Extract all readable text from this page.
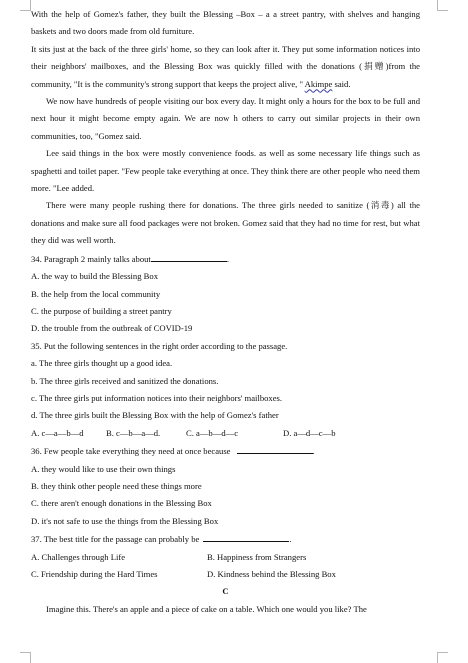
With the help of Gomez's father, they built the Blessing –Box – a a street pantry, with shelves and hanging baskets and two doors made from old furniture.

It sits just at the back of the three girls' home, so they can look after it. They put some information notices into their neighbors' mailboxes, and the Blessing Box was quickly filled with the donations (捐赠)from the community, "It is the community's strong support that keeps the project alive, " Akimpe said.

We now have hundreds of people visiting our box every day. It might only a hours for the box to be full and next hour it might become empty again. We are now h others to carry out similar projects in their own communities, too, "Gomez said.

Lee said things in the box were mostly convenience foods. as well as some necessary life things such as spaghetti and toilet paper. "Few people take everything at once. They think there are other people who need them more. "Lee added.

There were many people rushing there for donations. The three girls needed to sanitize (消毒) all the donations and make sure all food packages were not broken. Gomez said that they had no time for rest, but what they did was well worth.

34. Paragraph 2 mainly talks about	.
A. the way to build the Blessing Box
B. the help from the local community
C. the purpose of building a street pantry
D. the trouble from the outbreak of COVID-19
35. Put the following sentences in the right order according to the passage.
a. The three girls thought up a good idea.
b. The three girls received and sanitized the donations.
c. The three girls put information notices into their neighbors' mailboxes.
d. The three girls built the Blessing Box with the help of Gomez's father
A. c—a—b—d	B. c—b—a—d.	C. a—b—d—c	D. a—d—c—b
36. Few people take everything they need at once because	.
A. they would like to use their own things
B. they think other people need these things more
C. there aren't enough donations in the Blessing Box
D. it's not safe to use the things from the Blessing Box
37. The best title for the passage can probably be	.
A. Challenges through Life	B. Happiness from Strangers
C. Friendship during the Hard Times	D. Kindness behind the Blessing Box
C
Imagine this. There's an apple and a piece of cake on a table. Which one would you like? The
